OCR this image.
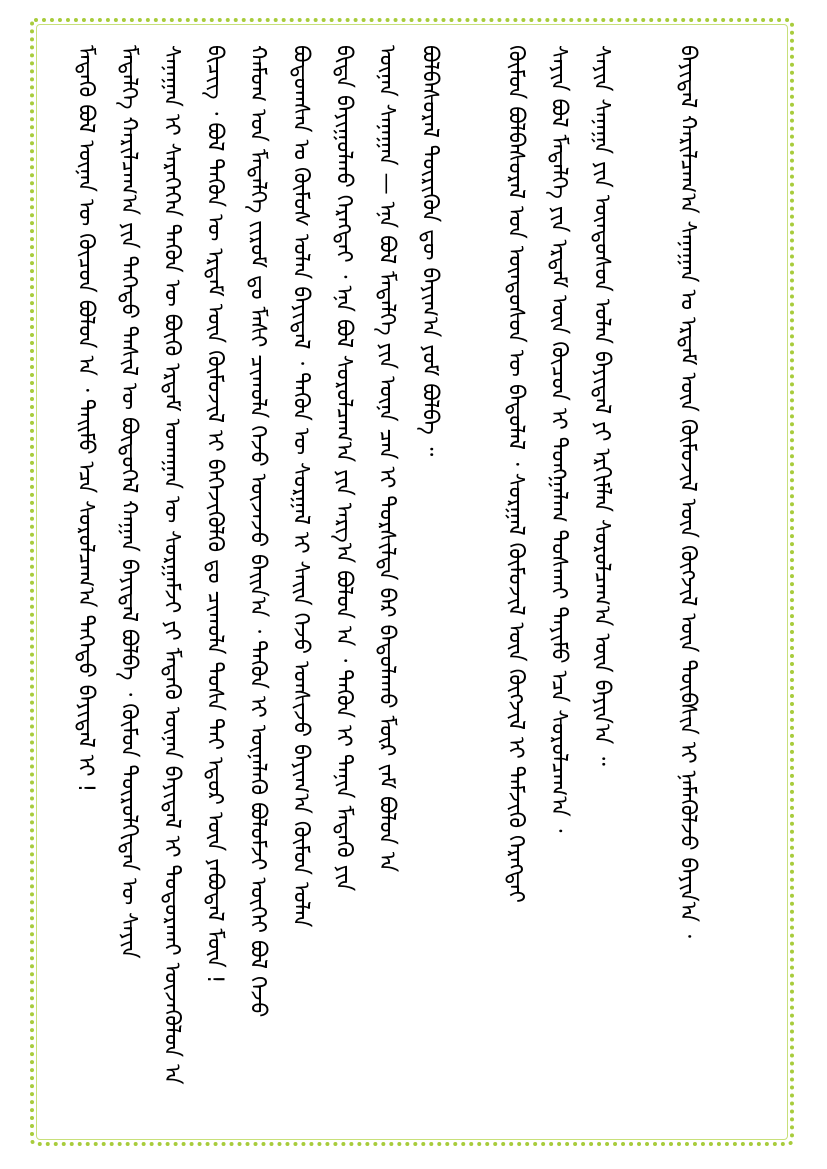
ᠮᠡᠳᠡᠬᠦ ᠪᠣᠯ ᠦᠨᠡᠨ ᠦ ᠬᠦᠴᠦᠨ ᠪᠣᠯᠣᠨ ᠠ ᠂ ᠲᠡᠢᠮᠦ ᠡᠴᠡ ᠰᠤᠷᠤᠯᠴᠠᠭ᠎ᠠ ᠳᠡᠭᠡᠳᠦ ᠪᠠᠶᠢᠳᠠᠯ ᠢ ! ᠮᠡᠳᠡᠯᠭᠡ ᠬᠠᠷᠢᠯᠴᠠᠭ᠎ᠠ ᠶᠢᠨ ᠳᠡᠭᠡᠳᠦ ᠲᠡᠰᠢᠯ ᠦ ᠪᠦᠲᠦᠭᠡᠯ ᠬᠠᠭᠠᠨ ᠪᠠᠶᠢᠳᠠᠯ ᠪᠣᠯᠪᠠ ᠂ ᠬᠦᠮᠦᠨ ᠲᠥᠷᠥᠯᠬᠢᠲᠡᠨ ᠦ ᠰᠠᠶᠢᠨ ᠰᠠᠨᠠᠭᠠᠨ ᠢ ᠰᠡᠷᠡᠭᠡᠭᠡᠨ ᠲᠡᠭᠦᠨ ᠦ ᠪᠦᠬᠦ ᠡᠷᠳᠡᠮ ᠤᠬᠠᠭᠠᠨ ᠦ ᠰᠤᠷᠭᠠᠮᠵᠢ ᠶᠢ ᠮᠡᠳᠡᠬᠦ ᠦᠨᠡᠨ ᠪᠠᠶᠢᠳᠠᠯ ᠢ ᠲᠣᠳᠤᠷᠬᠠᠢ ᠦᠵᠡᠭᠦᠯᠦᠨ ᠠ ᠪᠢᠴᠢᠭ ᠂ ᠪᠣᠯ ᠲᠡᠭᠦᠨ ᠦ ᠡᠷᠳᠡᠮ ᠦᠨ ᠬᠦᠮᠦᠵᠢᠯ ᠢ ᠪᠡᠬᠡᠵᠢᠭᠦᠯᠬᠦ ᠳᠤ ᠴᠢᠬᠤᠯᠠ ᠲᠤᠰᠠ ᠲᠠᠢ ᠡᠳᠦᠷ ᠦᠨ ᠶᠠᠪᠤᠳᠠᠯ ᠮᠥᠨ ! ᠬᠠᠮᠤᠭ ᠤᠨ ᠮᠡᠳᠡᠯᠭᠡ ᠵᠢᠷᠤᠮ ᠳᠤ ᠮᠠᠰᠢ ᠴᠢᠬᠤᠯᠠ ᠭᠡᠵᠦ ᠦᠵᠡᠵᠦ ᠪᠠᠢᠨ᠎ᠠ ᠂ ᠲᠡᠭᠦᠨ ᠢ ᠦᠨᠡᠯᠡᠬᠦ ᠪᠣᠯᠤᠮᠵᠢ ᠦᠭᠡᠢ ᠪᠣᠯ ᠭᠡᠵᠦ ᠪᠣᠳᠣᠭᠰᠠᠨ ᠤ ᠬᠦᠮᠦᠰ ᠤᠯᠠᠨ ᠪᠠᠶᠢᠳᠠᠯ ᠂ ᠲᠡᠭᠦᠨ ᠦ ᠰᠤᠷᠭᠠᠯ ᠢ ᠰᠠᠢᠨ ᠭᠡᠵᠦ ᠤᠨᠰᠢᠵᠤ ᠪᠠᠶᠢᠭ᠎ᠠ ᠬᠦᠮᠦᠨ ᠤᠯᠠᠨ ᠪᠢᠳᠡ ᠪᠠᠶᠢᠭᠤᠯᠬᠤ ᠬᠡᠷᠡᠭᠲᠡᠢ ᠂ ᠡᠨᠡ ᠪᠣᠯ ᠰᠤᠷᠤᠯᠴᠠᠭ᠎ᠠ ᠶᠢᠨ ᠠᠷᠭ᠎ᠠ ᠪᠣᠯᠤᠨ ᠠ ᠂ ᠲᠡᠭᠦᠨ ᠢ ᠲᠠᠨᠢᠨ ᠮᠡᠳᠡᠬᠦ ᠶᠢᠨ ᠦᠨᠡᠨ ᠰᠠᠨᠠᠭᠠᠨ — ᠡᠨᠡ ᠪᠣᠯ ᠮᠡᠳᠡᠯᠭᠡ ᠶᠢᠨ ᠦᠨᠡ ᠴᠡᠨ ᠢ ᠲᠤᠷᠰᠢᠯᠲᠠ ᠪᠡᠷ ᠪᠠᠳᠤᠯᠠᠬᠤ ᠮᠦᠷ ᠵᠠᠮ ᠪᠣᠯᠣᠨ ᠠ ᠪᠣᠯᠪᠠᠰᠤᠷᠠᠯ ᠲᠦᠷᠢᠭᠦᠨ ᠳᠦ ᠪᠠᠶᠢᠭ᠎ᠠ ᠶᠤᠮ ᠪᠣᠯᠪᠠ ᠃	ᠬᠦᠮᠦᠨ ᠪᠣᠯᠪᠠᠰᠤᠷᠠᠯ ᠤᠨ ᠦᠨᠳᠦᠰᠦᠨ ᠦ ᠪᠠᠳᠤᠯᠠᠯ ᠂ ᠰᠤᠷᠭᠠᠯ ᠬᠦᠮᠦᠵᠢᠯ ᠦᠨ ᠬᠥᠭᠵᠢᠯ ᠢ ᠳᠡᠮᠵᠢᠬᠦ ᠬᠡᠷᠡᠭᠲᠡᠢ ᠰᠠᠶᠢᠨ ᠪᠣᠯ ᠮᠡᠳᠡᠯᠭᠡ ᠶᠢᠨ ᠡᠷᠳᠡᠮ ᠦᠨ ᠬᠦᠴᠦᠨ ᠢ ᠲᠤᠩᠭᠠᠯᠠᠭ ᠲᠤᠰᠬᠠᠢ ᠲᠡᠶᠢᠮᠦ ᠡᠴᠡ ᠰᠤᠷᠤᠯᠴᠠᠭ᠎ᠠ ᠂ ᠰᠠᠶᠢᠨ ᠰᠠᠨᠠᠭᠠ ᠶᠢᠨ ᠦᠨᠳᠦᠰᠦᠨ ᠤᠯᠠᠨ ᠪᠠᠶᠢᠳᠠᠯ ᠶᠢ ᠡᠷᠬᠢᠮᠯᠡᠨ ᠰᠤᠷᠤᠯᠴᠠᠭ᠎ᠠ ᠦᠨ ᠪᠠᠶᠢᠨ᠎ᠠ ᠃	ᠪᠠᠶᠢᠳᠠᠯ ᠬᠠᠷᠢᠯᠴᠠᠭ᠎ᠠ ᠰᠠᠨᠠᠭᠠᠨ ᠤ ᠡᠷᠳᠡᠮ ᠦᠨ ᠬᠦᠮᠦᠵᠢᠯ ᠦᠨ ᠬᠥᠭᠵᠢᠯ ᠦᠨ ᠲᠦᠪᠰᠢᠨ ᠢ ᠨᠡᠮᠡᠭᠦᠯᠵᠦ ᠪᠠᠶᠢᠨ᠎ᠠ ᠂
